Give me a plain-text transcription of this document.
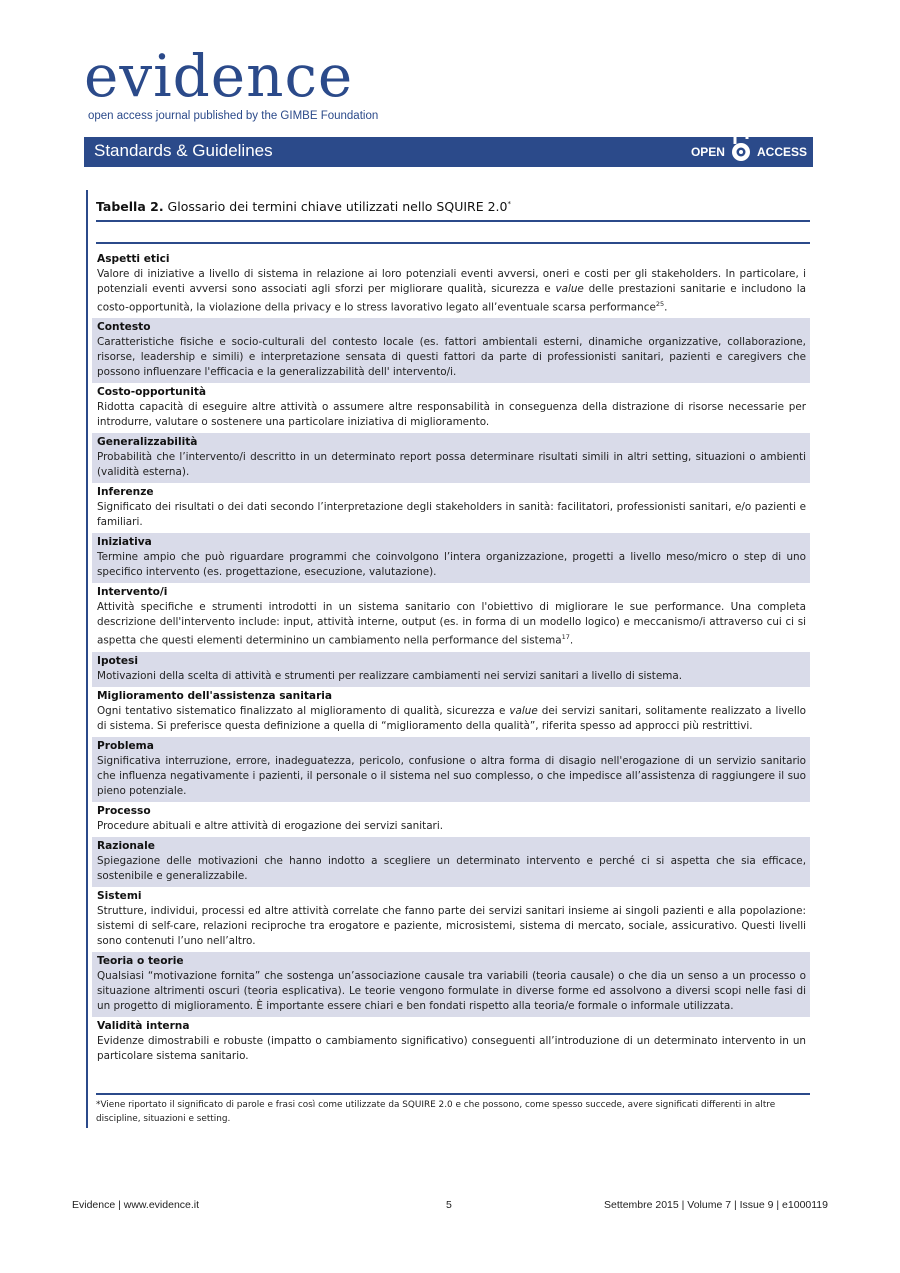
evidence
open access journal published by the GIMBE Foundation
Standards & Guidelines	OPEN	ACCESS
Tabella 2. Glossario dei termini chiave utilizzati nello SQUIRE 2.0*
Aspetti etici
Valore di iniziative a livello di sistema in relazione ai loro potenziali eventi avversi, oneri e costi per gli stakeholders. In particolare, i potenziali eventi avversi sono associati agli sforzi per migliorare qualità, sicurezza e value delle prestazioni sanitarie e includono la costo-opportunità, la violazione della privacy e lo stress lavorativo legato all’eventuale scarsa performance$^{25}$.
Contesto
Caratteristiche fisiche e socio-culturali del contesto locale (es. fattori ambientali esterni, dinamiche organizzative, collaborazione, risorse, leadership e simili) e interpretazione sensata di questi fattori da parte di professionisti sanitari, pazienti e caregivers che possono influenzare l'efficacia e la generalizzabilità dell' intervento/i.
Costo-opportunità
Ridotta capacità di eseguire altre attività o assumere altre responsabilità in conseguenza della distrazione di risorse necessarie per introdurre, valutare o sostenere una particolare iniziativa di miglioramento.
Generalizzabilità
Probabilità che l’intervento/i descritto in un determinato report possa determinare risultati simili in altri setting, situazioni o ambienti (validità esterna).
Inferenze
Significato dei risultati o dei dati secondo l’interpretazione degli stakeholders in sanità: facilitatori, professionisti sanitari, e/o pazienti e familiari.
Iniziativa
Termine ampio che può riguardare programmi che coinvolgono l’intera organizzazione, progetti a livello meso/micro o step di uno specifico intervento (es. progettazione, esecuzione, valutazione).
Intervento/i
Attività specifiche e strumenti introdotti in un sistema sanitario con l'obiettivo di migliorare le sue performance. Una completa descrizione dell'intervento include: input, attività interne, output (es. in forma di un modello logico) e meccanismo/i attraverso cui ci si aspetta che questi elementi determinino un cambiamento nella performance del sistema$^{17}$.
Ipotesi
Motivazioni della scelta di attività e strumenti per realizzare cambiamenti nei servizi sanitari a livello di sistema.
Miglioramento dell'assistenza sanitaria
Ogni tentativo sistematico finalizzato al miglioramento di qualità, sicurezza e value dei servizi sanitari, solitamente realizzato a livello di sistema. Si preferisce questa definizione a quella di “miglioramento della qualità”, riferita spesso ad approcci più restrittivi.
Problema
Significativa interruzione, errore, inadeguatezza, pericolo, confusione o altra forma di disagio nell'erogazione di un servizio sanitario che influenza negativamente i pazienti, il personale o il sistema nel suo complesso, o che impedisce all’assistenza di raggiungere il suo pieno potenziale.
Processo
Procedure abituali e altre attività di erogazione dei servizi sanitari.
Razionale
Spiegazione delle motivazioni che hanno indotto a scegliere un determinato intervento e perché ci si aspetta che sia efficace, sostenibile e generalizzabile.
Sistemi
Strutture, individui, processi ed altre attività correlate che fanno parte dei servizi sanitari insieme ai singoli pazienti e alla popolazione: sistemi di self-care, relazioni reciproche tra erogatore e paziente, microsistemi, sistema di mercato, sociale, assicurativo. Questi livelli sono contenuti l’uno nell’altro.
Teoria o teorie
Qualsiasi “motivazione fornita” che sostenga un’associazione causale tra variabili (teoria causale) o che dia un senso a un processo o situazione altrimenti oscuri (teoria esplicativa). Le teorie vengono formulate in diverse forme ed assolvono a diversi scopi nelle fasi di un progetto di miglioramento. È importante essere chiari e ben fondati rispetto alla teoria/e formale o informale utilizzata.
Validità interna
Evidenze dimostrabili e robuste (impatto o cambiamento significativo) conseguenti all’introduzione di un determinato intervento in un particolare sistema sanitario.
*Viene riportato il significato di parole e frasi così come utilizzate da SQUIRE 2.0 e che possono, come spesso succede, avere significati differenti in altre discipline, situazioni e setting.
Evidence | www.evidence.it	5	Settembre 2015 | Volume 7 | Issue 9 | e1000119
